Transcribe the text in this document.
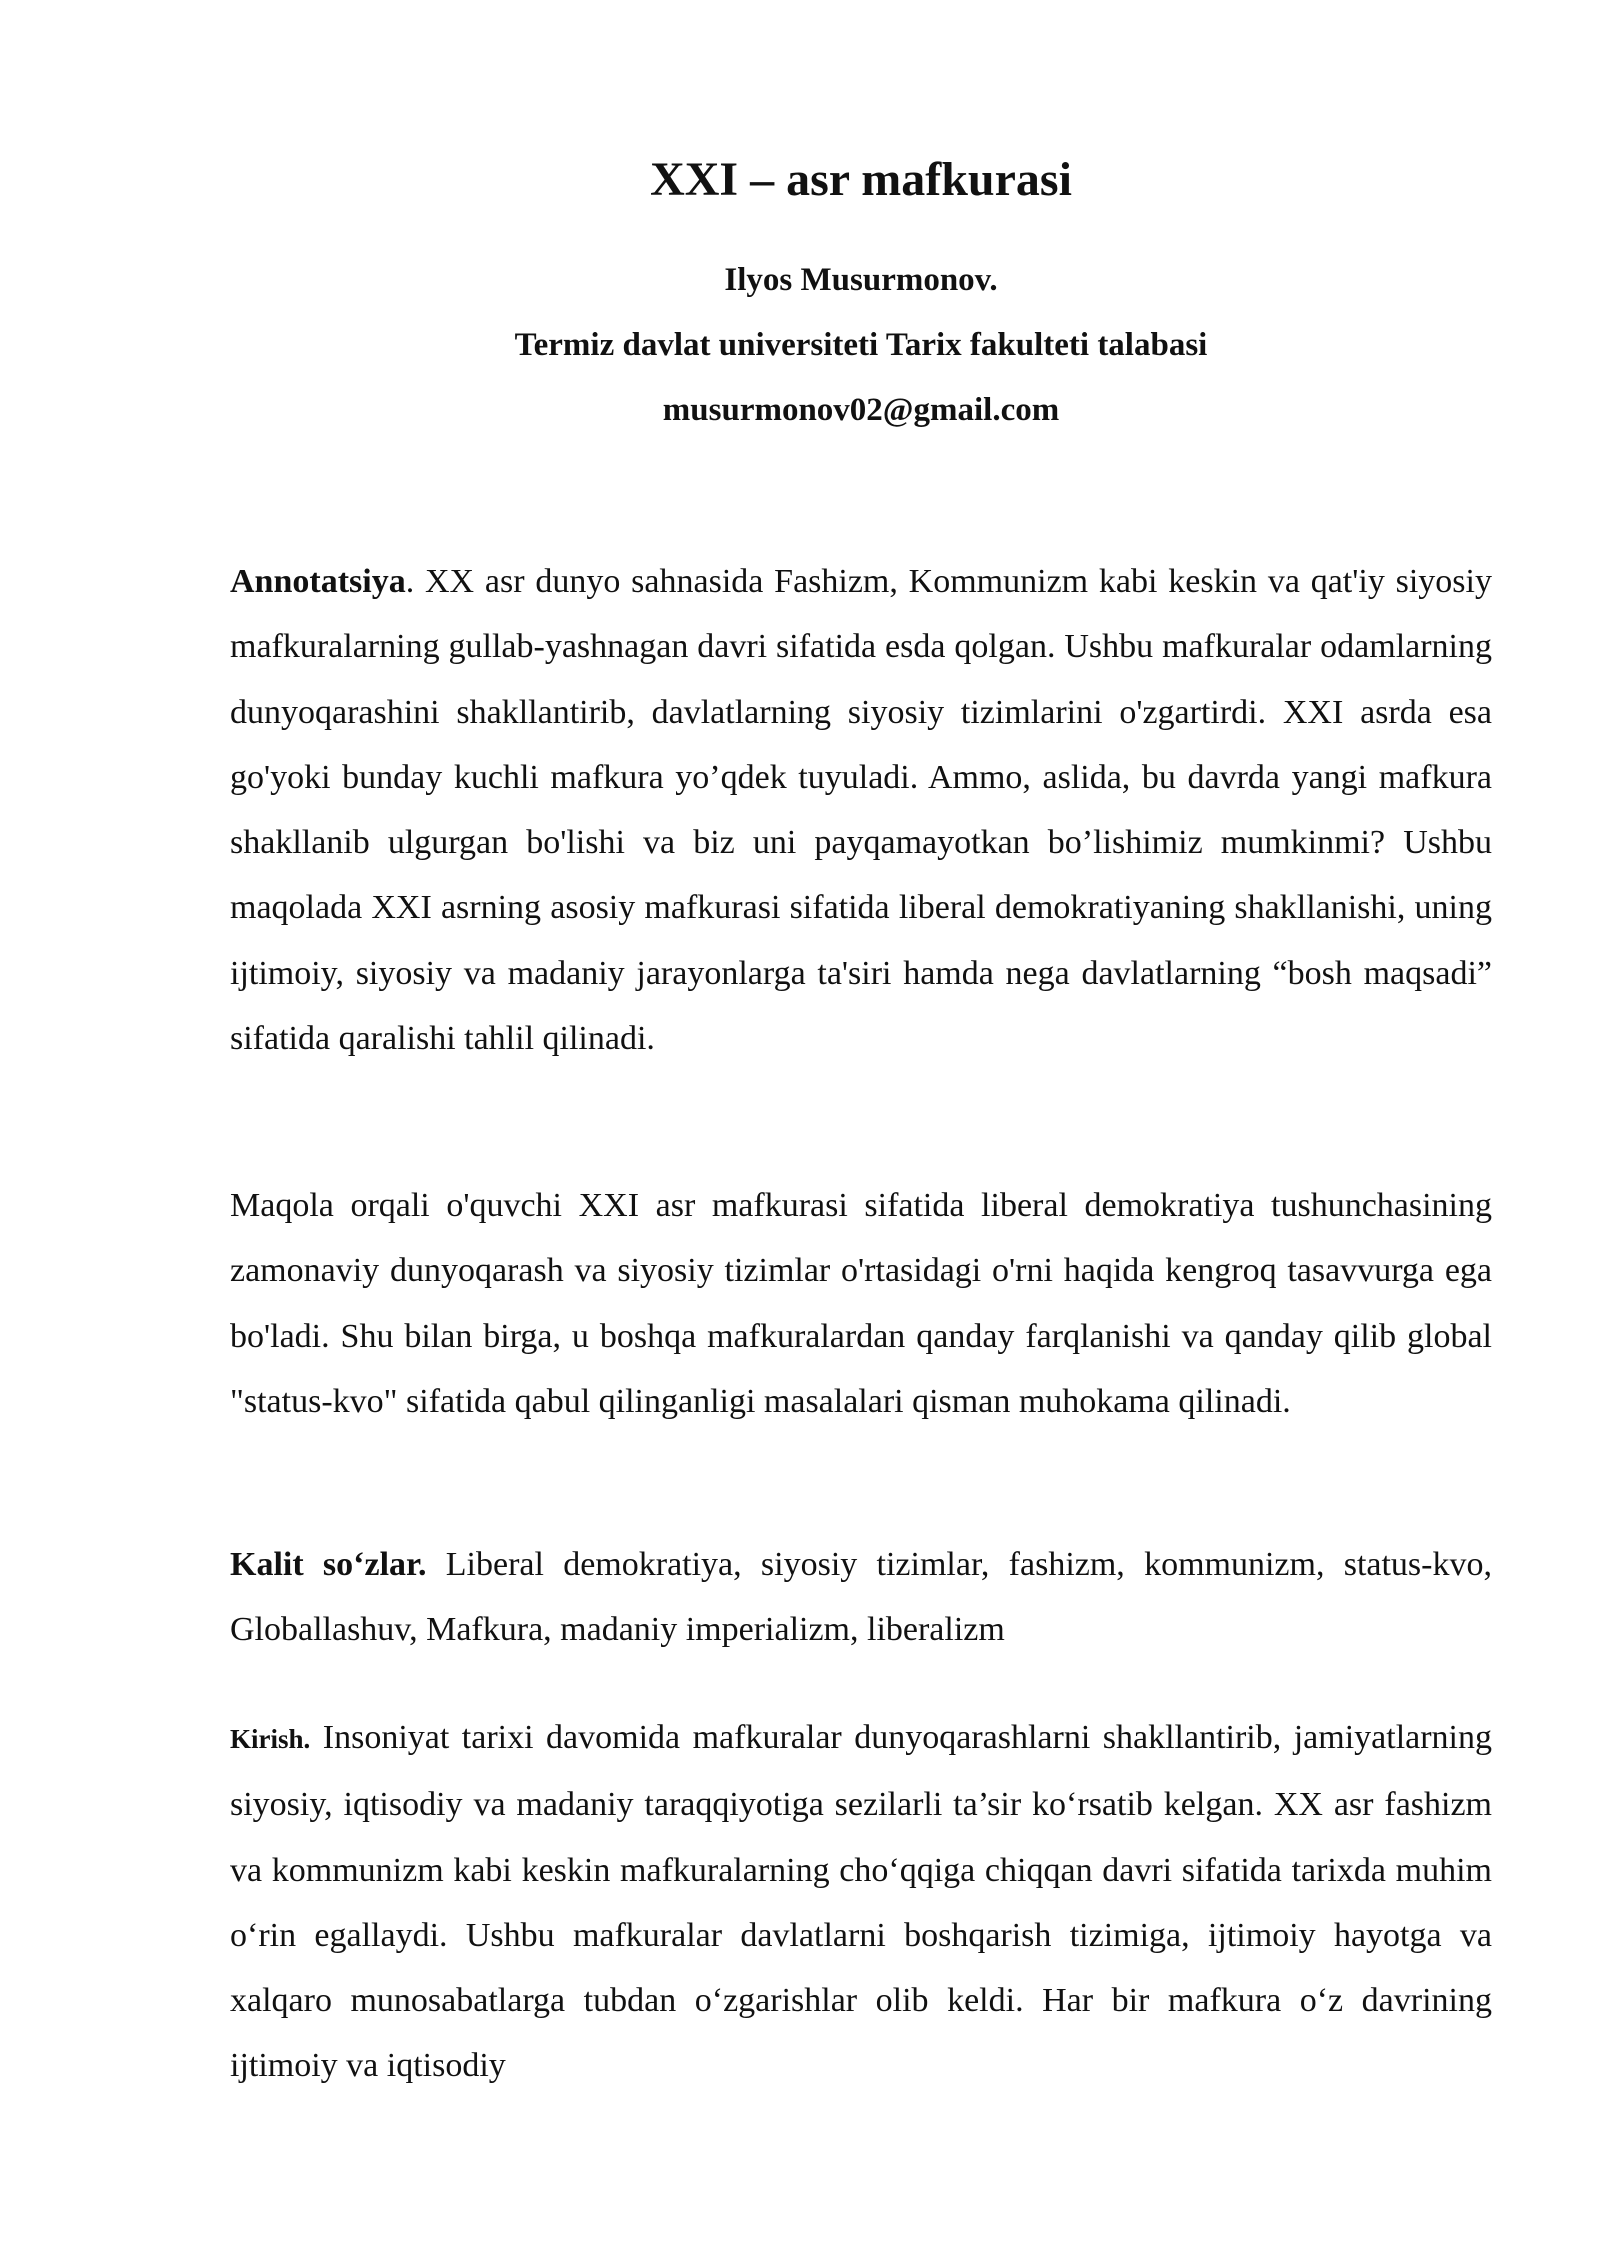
XXI – asr mafkurasi
Ilyos Musurmonov.
Termiz davlat universiteti Tarix fakulteti talabasi
musurmonov02@gmail.com

Annotatsiya. XX asr dunyo sahnasida Fashizm, Kommunizm kabi keskin va qat'iy siyosiy mafkuralarning gullab-yashnagan davri sifatida esda qolgan. Ushbu mafkuralar odamlarning dunyoqarashini shakllantirib, davlatlarning siyosiy tizimlarini o'zgartirdi. XXI asrda esa go'yoki bunday kuchli mafkura yo’qdek tuyuladi. Ammo, aslida, bu davrda yangi mafkura shakllanib ulgurgan bo'lishi va biz uni payqamayotkan bo’lishimiz mumkinmi? Ushbu maqolada XXI asrning asosiy mafkurasi sifatida liberal demokratiyaning shakllanishi, uning ijtimoiy, siyosiy va madaniy jarayonlarga ta'siri hamda nega davlatlarning “bosh maqsadi” sifatida qaralishi tahlil qilinadi.

Maqola orqali o'quvchi XXI asr mafkurasi sifatida liberal demokratiya tushunchasining zamonaviy dunyoqarash va siyosiy tizimlar o'rtasidagi o'rni haqida kengroq tasavvurga ega bo'ladi. Shu bilan birga, u boshqa mafkuralardan qanday farqlanishi va qanday qilib global "status-kvo" sifatida qabul qilinganligi masalalari qisman muhokama qilinadi.

Kalit so‘zlar. Liberal demokratiya, siyosiy tizimlar, fashizm, kommunizm, status-kvo, Globallashuv, Mafkura, madaniy imperializm, liberalizm

Kirish. Insoniyat tarixi davomida mafkuralar dunyoqarashlarni shakllantirib, jamiyatlarning siyosiy, iqtisodiy va madaniy taraqqiyotiga sezilarli ta’sir ko‘rsatib kelgan. XX asr fashizm va kommunizm kabi keskin mafkuralarning cho‘qqiga chiqqan davri sifatida tarixda muhim o‘rin egallaydi. Ushbu mafkuralar davlatlarni boshqarish tizimiga, ijtimoiy hayotga va xalqaro munosabatlarga tubdan o‘zgarishlar olib keldi. Har bir mafkura o‘z davrining ijtimoiy va iqtisodiy
